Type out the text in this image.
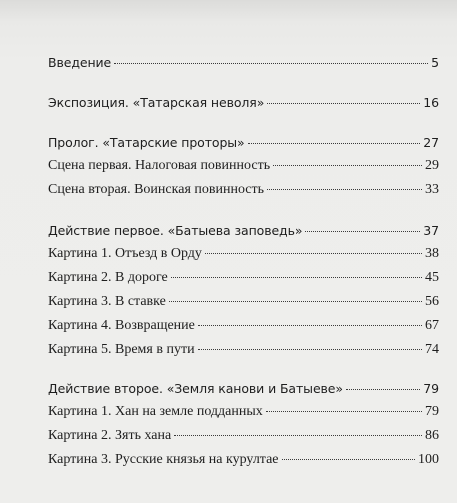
Введение	5
Экспозиция. «Татарская неволя»	16
Пролог. «Татарские проторы»	27
Сцена первая. Налоговая повинность	29
Сцена вторая. Воинская повинность	33
Действие первое. «Батыева заповедь»	37
Картина 1. Отъезд в Орду	38
Картина 2. В дороге	45
Картина 3. В ставке	56
Картина 4. Возвращение	67
Картина 5. Время в пути	74
Действие второе. «Земля канови и Батыеве»	79
Картина 1. Хан на земле подданных	79
Картина 2. Зять хана	86
Картина 3. Русские князья на курултае	100
